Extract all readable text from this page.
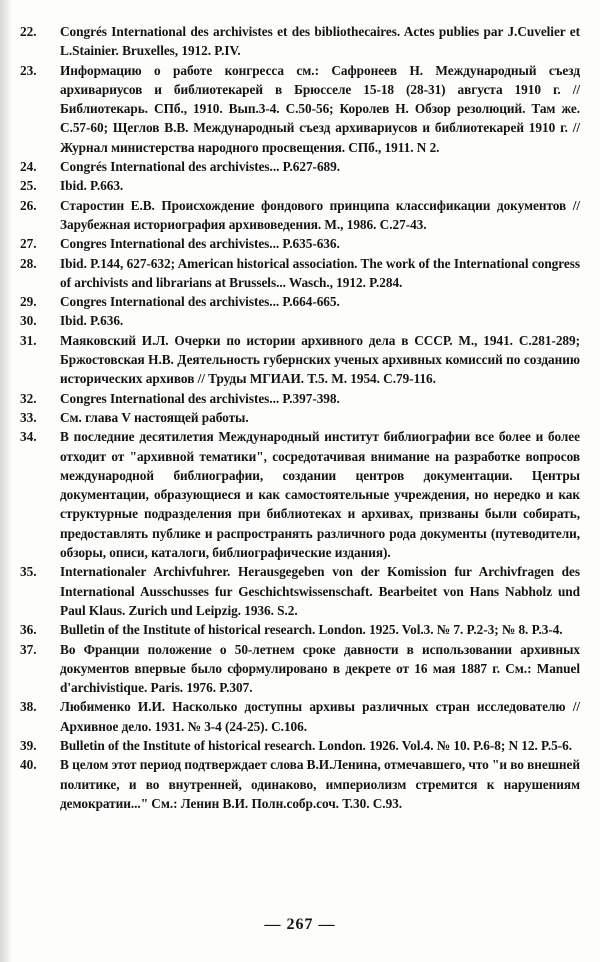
22.	Congrés International des archivistes et des bibliothecaires. Actes publies par J.Cuvelier et L.Stainier. Bruxelles, 1912. P.IV.
23.	Информацию о работе конгресса см.: Сафронеев Н. Международный съезд архивариусов и библиотекарей в Брюсселе 15-18 (28-31) августа 1910 г. // Библиотекарь. СПб., 1910. Вып.3-4. С.50-56; Королев Н. Обзор резолюций. Там же. С.57-60; Щеглов В.В. Международный съезд архивариусов и библиотекарей 1910 г. // Журнал министерства народного просвещения. СПб., 1911. N 2.
24.	Congrés International des archivistes... P.627-689.
25.	Ibid. P.663.
26.	Старостин Е.В. Происхождение фондового принципа классификации документов // Зарубежная историография архивоведения. М., 1986. С.27-43.
27.	Congres International des archivistes... P.635-636.
28.	Ibid. P.144, 627-632; American historical association. The work of the International congress of archivists and librarians at Brussels... Wasch., 1912. P.284.
29.	Congres International des archivistes... P.664-665.
30.	Ibid. P.636.
31.	Маяковский И.Л. Очерки по истории архивного дела в СССР. М., 1941. С.281-289; Бржостовская Н.В. Деятельность губернских ученых архивных комиссий по созданию исторических архивов // Труды МГИАИ. Т.5. М. 1954. С.79-116.
32.	Congres International des archivistes... P.397-398.
33.	См. глава V настоящей работы.
34.	В последние десятилетия Международный институт библиографии все более и более отходит от "архивной тематики", сосредотачивая внимание на разработке вопросов международной библиографии, создании центров документации. Центры документации, образующиеся и как самостоятельные учреждения, но нередко и как структурные подразделения при библиотеках и архивах, призваны были собирать, предоставлять публике и распространять различного рода документы (путеводители, обзоры, описи, каталоги, библиографические издания).
35.	Internationaler Archivfuhrer. Herausgegeben von der Komission fur Archivfragen des International Ausschusses fur Geschichtswissenschaft. Bearbeitet von Hans Nabholz und Paul Klaus. Zurich und Leipzig. 1936. S.2.
36.	Bulletin of the Institute of historical research. London. 1925. Vol.3. № 7. P.2-3; № 8. P.3-4.
37.	Во Франции положение о 50-летнем сроке давности в использовании архивных документов впервые было сформулировано в декрете от 16 мая 1887 г. См.: Manuel d'archivistique. Paris. 1976. P.307.
38.	Любименко И.И. Насколько доступны архивы различных стран исследователю // Архивное дело. 1931. № 3-4 (24-25). С.106.
39.	Bulletin of the Institute of historical research. London. 1926. Vol.4. № 10. P.6-8; N 12. P.5-6.
40.	В целом этот период подтверждает слова В.И.Ленина, отмечавшего, что "и во внешней политике, и во внутренней, одинаково, империолизм стремится к нарушениям демократии..." См.: Ленин В.И. Полн.собр.соч. Т.30. С.93.
— 267 —
